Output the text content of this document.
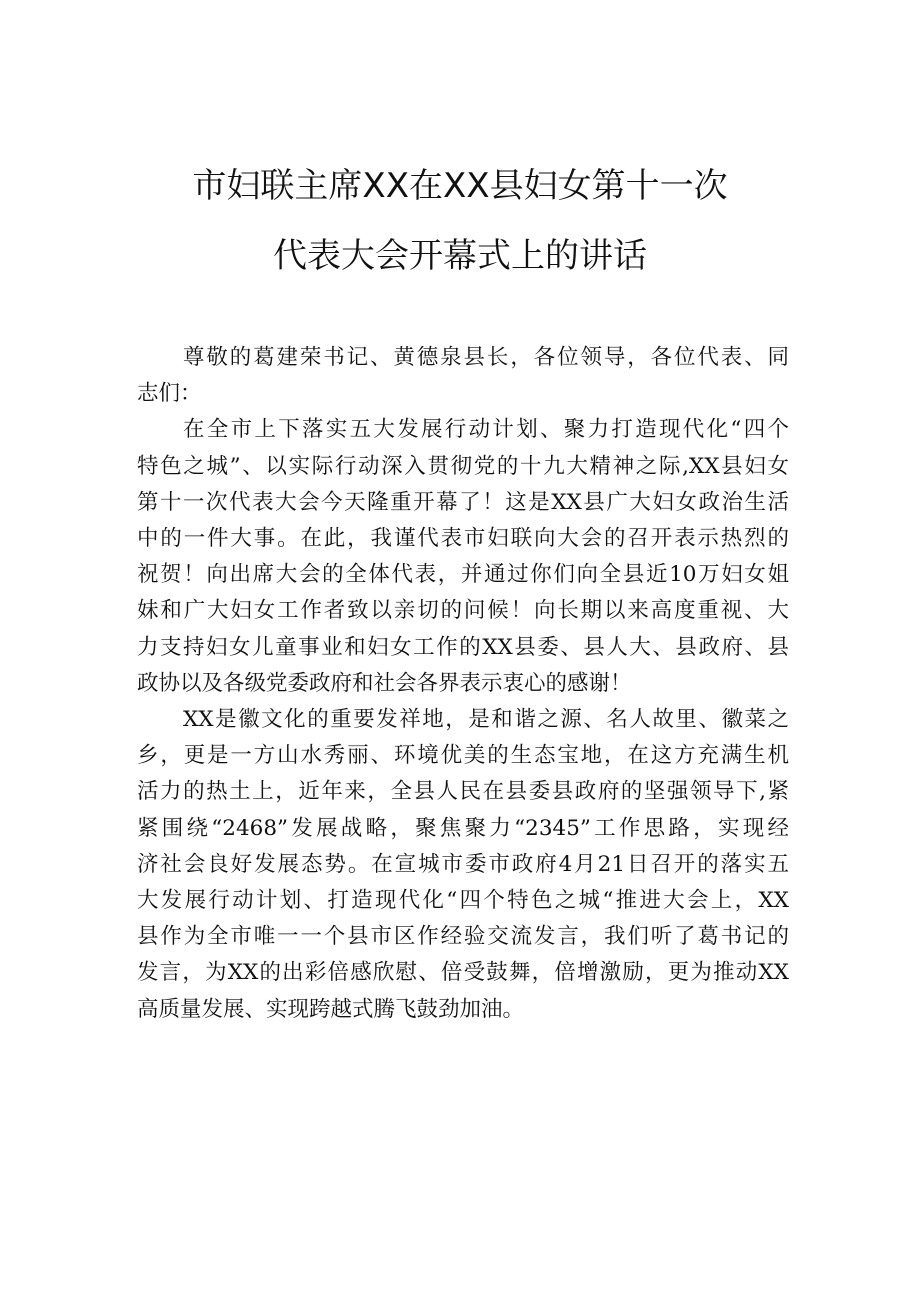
市妇联主席XX在XX县妇女第十一次
代表大会开幕式上的讲话
尊敬的葛建荣书记、黄德泉县长，各位领导，各位代表、同
志们：
在全市上下落实五大发展行动计划、聚力打造现代化“四个
特色之城”、以实际行动深入贯彻党的十九大精神之际,XX县妇女
第十一次代表大会今天隆重开幕了！这是XX县广大妇女政治生活
中的一件大事。在此，我谨代表市妇联向大会的召开表示热烈的
祝贺！向出席大会的全体代表，并通过你们向全县近10万妇女姐
妹和广大妇女工作者致以亲切的问候！向长期以来高度重视、大
力支持妇女儿童事业和妇女工作的XX县委、县人大、县政府、县
政协以及各级党委政府和社会各界表示衷心的感谢！
XX是徽文化的重要发祥地，是和谐之源、名人故里、徽菜之
乡，更是一方山水秀丽、环境优美的生态宝地，在这方充满生机
活力的热土上，近年来，全县人民在县委县政府的坚强领导下,紧
紧围绕“2468”发展战略，聚焦聚力“2345”工作思路，实现经
济社会良好发展态势。在宣城市委市政府4月21日召开的落实五
大发展行动计划、打造现代化“四个特色之城“推进大会上，XX
县作为全市唯一一个县市区作经验交流发言，我们听了葛书记的
发言，为XX的出彩倍感欣慰、倍受鼓舞，倍增激励，更为推动XX
高质量发展、实现跨越式腾飞鼓劲加油。
